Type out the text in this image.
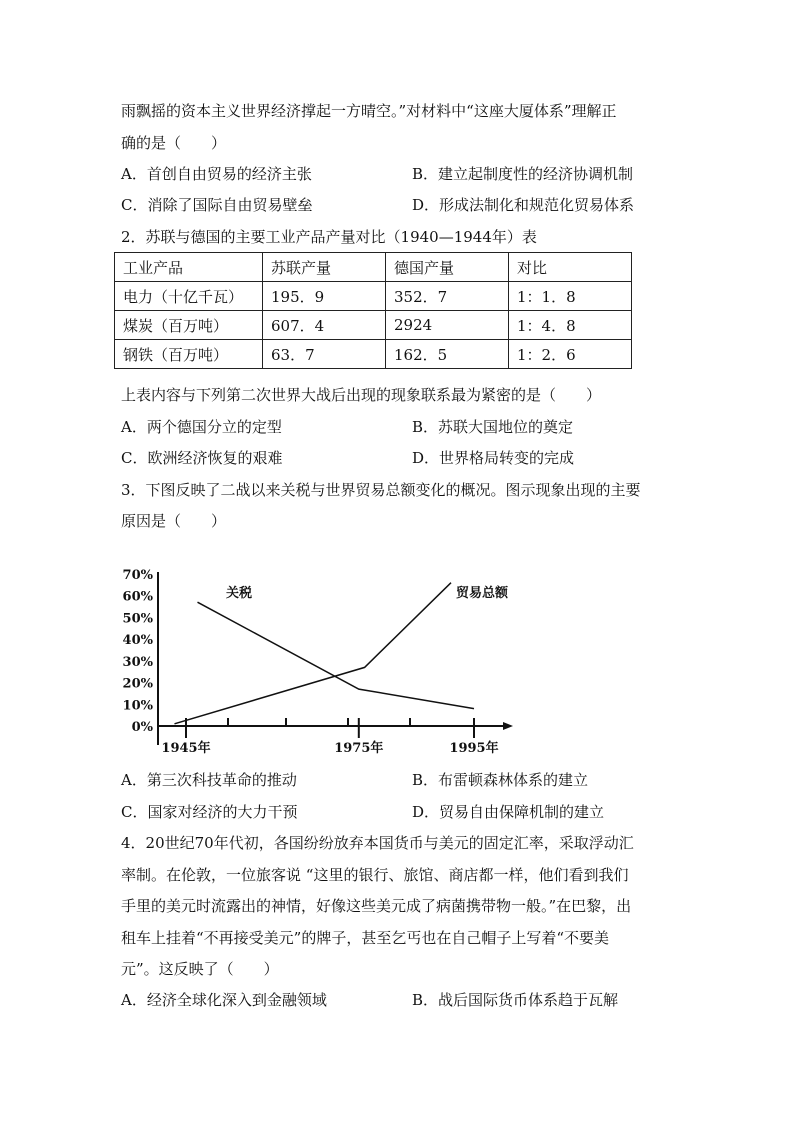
雨飘摇的资本主义世界经济撑起一方晴空。”对材料中“这座大厦体系”理解正
确的是（　　）
A．首创自由贸易的经济主张	B．建立起制度性的经济协调机制
C．消除了国际自由贸易壁垒	D．形成法制化和规范化贸易体系
2．苏联与德国的主要工业产品产量对比（1940—1944年）表
工业产品	苏联产量	德国产量	对比
电力（十亿千瓦）	195．9	352．7	1：1．8
煤炭（百万吨）	607．4	2924	1：4．8
钢铁（百万吨）	63．7	162．5	1：2．6
上表内容与下列第二次世界大战后出现的现象联系最为紧密的是（　　）
A．两个德国分立的定型	B．苏联大国地位的奠定
C．欧洲经济恢复的艰难	D．世界格局转变的完成
3．下图反映了二战以来关税与世界贸易总额变化的概况。图示现象出现的主要
原因是（　　）
0%
10%
20%
30%
40%
50%
60%
70%
1945年	1975年	1995年
关税	贸易总额
A．第三次科技革命的推动	B．布雷顿森林体系的建立
C．国家对经济的大力干预	D．贸易自由保障机制的建立
4．20世纪70年代初，各国纷纷放弃本国货币与美元的固定汇率，采取浮动汇
率制。在伦敦，一位旅客说 “这里的银行、旅馆、商店都一样，他们看到我们
手里的美元时流露出的神情，好像这些美元成了病菌携带物一般。”在巴黎，出
租车上挂着“不再接受美元”的牌子，甚至乞丐也在自己帽子上写着“不要美
元”。这反映了（　　）
A．经济全球化深入到金融领域	B．战后国际货币体系趋于瓦解
